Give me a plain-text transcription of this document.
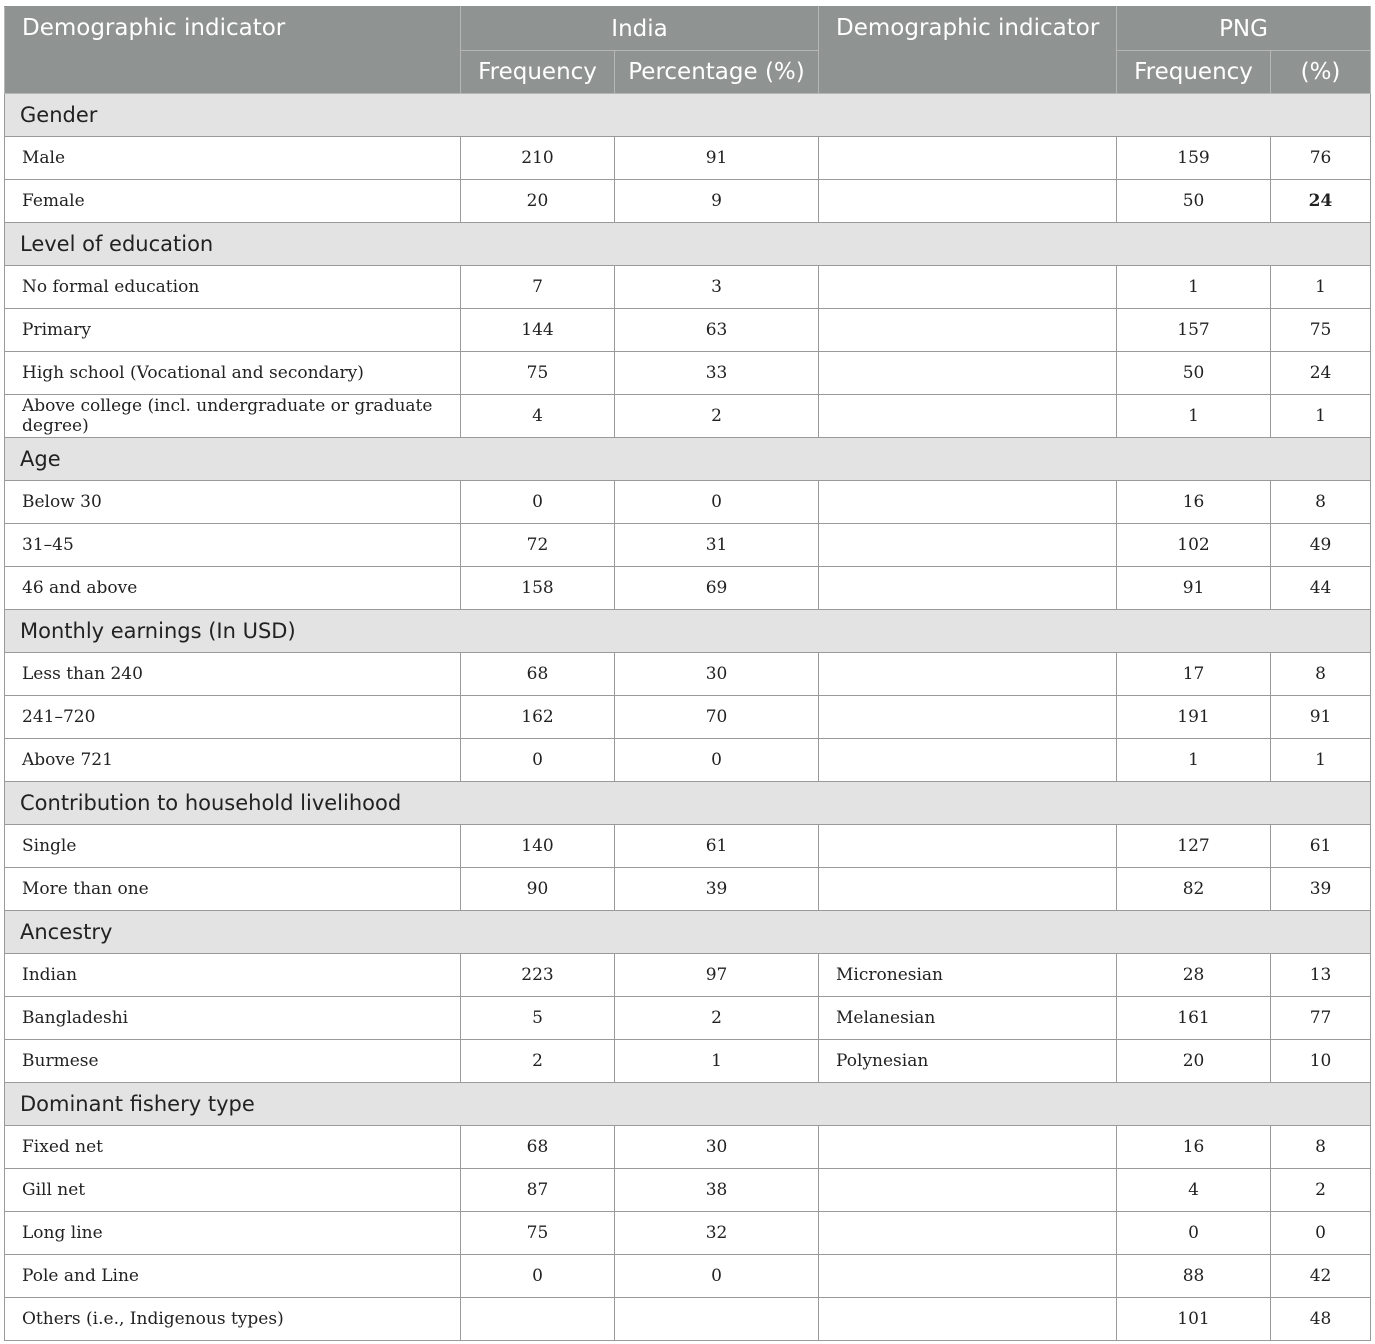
Demographic indicator	India		Demographic indicator	PNG	
	Frequency	Percentage (%)		Frequency	(%)
Gender					
Male	210	91		159	76
Female	20	9		50	24
Level of education					
No formal education	7	3		1	1
Primary	144	63		157	75
High school (Vocational and secondary)	75	33		50	24
Above college (incl. undergraduate or graduate degree)	4	2		1	1
Age					
Below 30	0	0		16	8
31–45	72	31		102	49
46 and above	158	69		91	44
Monthly earnings (In USD)					
Less than 240	68	30		17	8
241–720	162	70		191	91
Above 721	0	0		1	1
Contribution to household livelihood					
Single	140	61		127	61
More than one	90	39		82	39
Ancestry					
Indian	223	97	Micronesian	28	13
Bangladeshi	5	2	Melanesian	161	77
Burmese	2	1	Polynesian	20	10
Dominant fishery type					
Fixed net	68	30		16	8
Gill net	87	38		4	2
Long line	75	32		0	0
Pole and Line	0	0		88	42
Others (i.e., Indigenous types)				101	48
